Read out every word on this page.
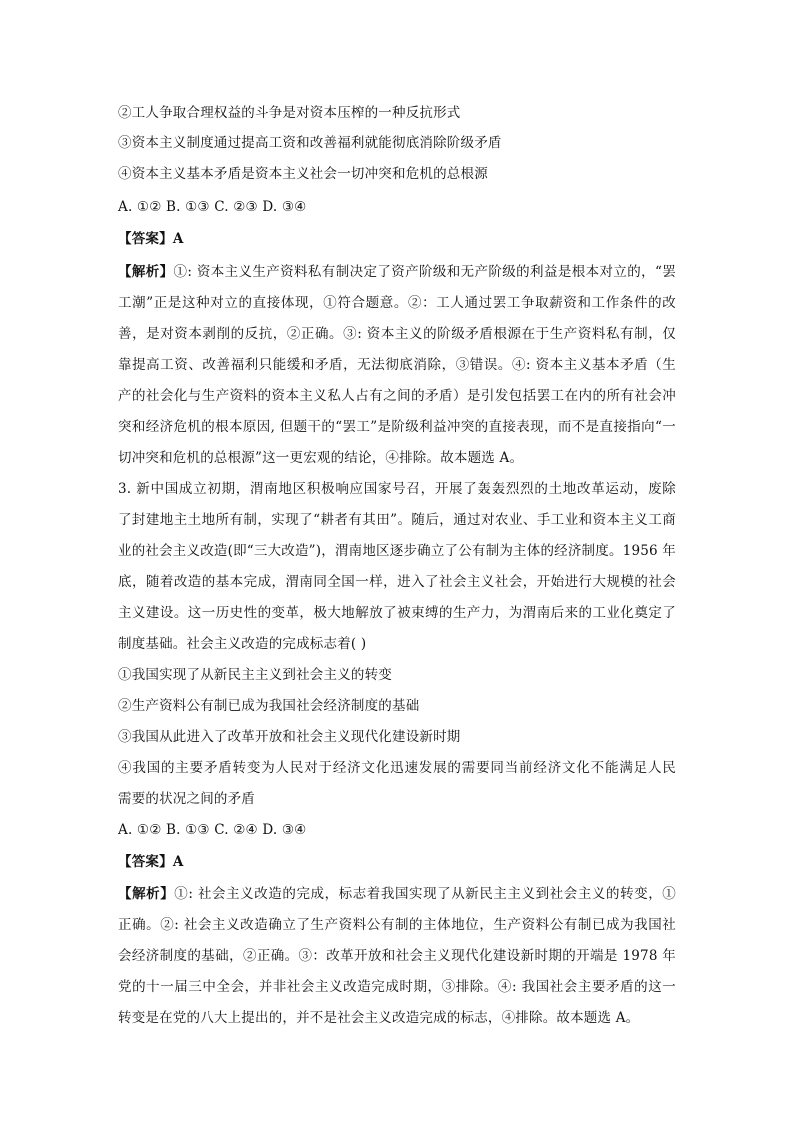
②工人争取合理权益的斗争是对资本压榨的一种反抗形式
③资本主义制度通过提高工资和改善福利就能彻底消除阶级矛盾
④资本主义基本矛盾是资本主义社会一切冲突和危机的总根源
A. ①② B. ①③ C. ②③ D. ③④
【答案】A
【解析】①: 资本主义生产资料私有制决定了资产阶级和无产阶级的利益是根本对立的，“罢
工潮”正是这种对立的直接体现，①符合题意。②：工人通过罢工争取薪资和工作条件的改
善，是对资本剥削的反抗，②正确。③: 资本主义的阶级矛盾根源在于生产资料私有制，仅
靠提高工资、改善福利只能缓和矛盾，无法彻底消除，③错误。④: 资本主义基本矛盾（生
产的社会化与生产资料的资本主义私人占有之间的矛盾）是引发包括罢工在内的所有社会冲
突和经济危机的根本原因, 但题干的“罢工”是阶级利益冲突的直接表现，而不是直接指向“一
切冲突和危机的总根源”这一更宏观的结论，④排除。故本题选 A。
3. 新中国成立初期，渭南地区积极响应国家号召，开展了轰轰烈烈的土地改革运动，废除
了封建地主土地所有制，实现了“耕者有其田”。随后，通过对农业、手工业和资本主义工商
业的社会主义改造(即“三大改造”)，渭南地区逐步确立了公有制为主体的经济制度。1956 年
底，随着改造的基本完成，渭南同全国一样，进入了社会主义社会，开始进行大规模的社会
主义建设。这一历史性的变革，极大地解放了被束缚的生产力，为渭南后来的工业化奠定了
制度基础。社会主义改造的完成标志着( )
①我国实现了从新民主主义到社会主义的转变
②生产资料公有制已成为我国社会经济制度的基础
③我国从此进入了改革开放和社会主义现代化建设新时期
④我国的主要矛盾转变为人民对于经济文化迅速发展的需要同当前经济文化不能满足人民
需要的状况之间的矛盾
A. ①② B. ①③ C. ②④ D. ③④
【答案】A
【解析】①: 社会主义改造的完成，标志着我国实现了从新民主主义到社会主义的转变，①
正确。②: 社会主义改造确立了生产资料公有制的主体地位，生产资料公有制已成为我国社
会经济制度的基础，②正确。③：改革开放和社会主义现代化建设新时期的开端是 1978 年
党的十一届三中全会，并非社会主义改造完成时期，③排除。④: 我国社会主要矛盾的这一
转变是在党的八大上提出的，并不是社会主义改造完成的标志，④排除。故本题选 A。
